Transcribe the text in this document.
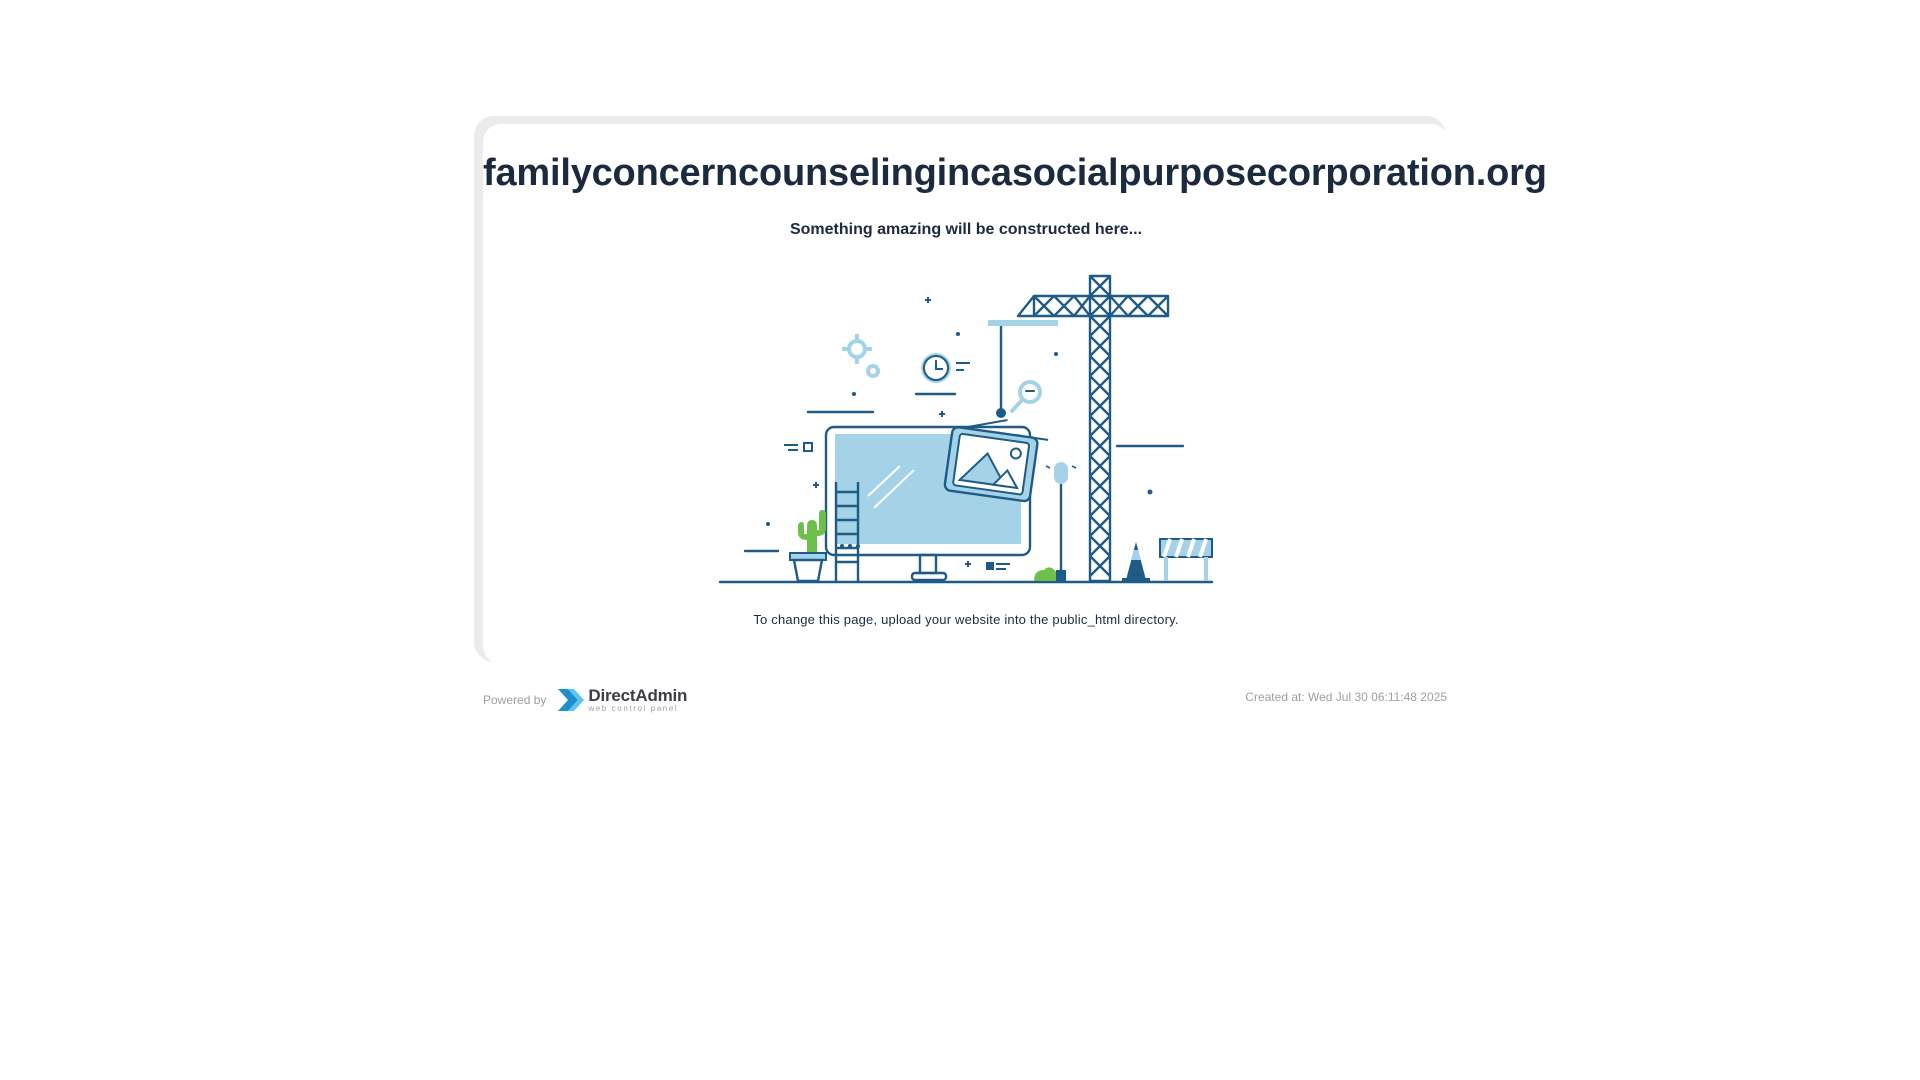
familyconcerncounselingincasocialpurposecorporation.org

Something amazing will be constructed here...

To change this page, upload your website into the public_html directory.

Powered by DirectAdmin
web control panel
Created at: Wed Jul 30 06:11:48 2025
